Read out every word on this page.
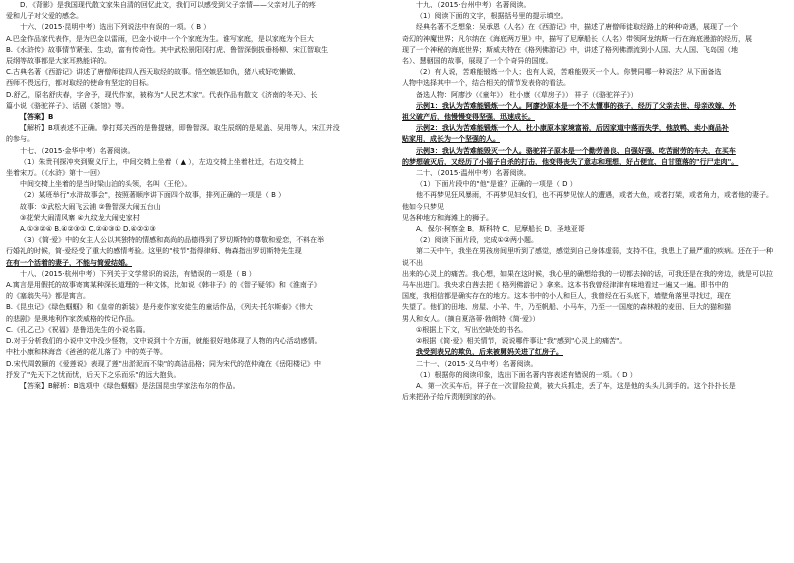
D．《背影》是我国现代散文家朱自清的回忆此文，我们可以感受到父子亲情——父亲对儿子的疼

爱和儿子对父爱的感念。

十六、（2015·昆明中考）选出下列说法中有误的一项。（ B ）

A.巴金作品家代表作，是为巴金以雷雨，巴金小说中一个个家庭为生。谁写家庭，是以家庭为个巨大

B.《水浒传》故事情节紧张、生动，富有传奇性。其中武松景阳冈打虎、鲁智深倒拔垂杨柳、宋江智取生

辰纲等故事都是大家耳熟能详的。

C.古典名著《西游记》讲述了唐僧师徒四人西天取经的故事。悟空嫉恶如仇，猪八戒好吃懒做、

西师不畏远行，都对取经的使命有坚定的目标。

D.舒乙，原名舒庆春，字舍予，现代作家，被称为"人民艺术家"。代表作品有散文《济南的冬天》、长

篇小说《骆驼祥子》、话剧《茶馆》等。

【答案】B

【解析】B项表述不正确。拳打郑关西的是鲁提辖，即鲁智深。取生辰纲的是晁盖、吴用等人，宋江并没

的参与。

十七、（2015·金华中考）名著阅读。

（1）朱贵刊探冲夹到聚义厅上，中间交椅上坐着（ ▲ ），左边交椅上坐着杜迁，右边交椅上

坐着宋万。（《水浒》第十一回）

中间交椅上坐着的是当时梁山泊的头领，名叫（王伦）。

（2）某班举行"水浒故事会"，按照著顺序讲下面四个故事，排列正确的一项是（ B ）

故事：①武松大闹飞云浦 ②鲁智深大闹五台山

③花荣大闹清风寨 ④九纹龙大闹史家村

A.①③②④ B.④②③① C.②④③① D.④②①③

（3）《简·爱》中的女主人公以其独特的情感和高尚的品德得到了罗切斯特的尊敬和爱恋，不料在举

行婚礼的时候，简·爱经受了重大的感情考验。这里的"枝节"指得律师、梅森指出罗切斯特先生现

在有一个活着的妻子，不能与简爱结婚。

十八、（2015·杭州中考）下列关于文学常识的说法，有错误的一项是（ B ）

A.寓言是用假托的故事寄寓某种深长道理的一种文体，比如说《韩非子》的《智子疑邻》和《淮南子》

的《塞翁失马》都是寓言。

B.《昆虫记》《绿色蝈蝈》和《皇帝的新装》是丹麦作家安徒生的童话作品，《列夫·托尔斯泰》《伟大

的悲剧》是奥地利作家茨威格的传记作品。

C.《孔乙己》《祝福》是鲁迅先生的小说名篇。

D.对于分析我们的小说中文中没少怪物，文中说到十个方面，就能很好地体现了人物的内心活动感情。

中杜小康和林海音《爸爸的花儿落了》中的英子等。

D.宋代周敦颐的《爱莲说》表现了莲"出淤泥而不染"的高洁品格；同为宋代的范仲淹在《岳阳楼记》中

抒发了"先天下之忧而忧，后天下之乐而乐"的远大抱负。

【答案】B解析：B选项中《绿色蝈蝈》是法国昆虫学家法布尔的作品。

十九、（2015·台州中考）名著阅读。

（1）阅读下面的文字，根据括号里的提示填空。

经典名著不乏想象：吴承恩（人名）在《西游记》中，描述了唐僧师徒取经路上的种种奇遇，展现了一个

奇幻的神魔世界；凡尔纳在《海底两万里》中，描写了尼摩船长（人名）带领阿龙纳斯一行在海底漫游的经历，展

现了一个神秘的海底世界；斯威夫特在《格列佛游记》中，讲述了格列佛漂流到小人国、大人国、飞岛国（地

名）、慧骃国的故事，展现了一个个奇异的国度。

（2）有人说，苦难能锻炼一个人；也有人说，苦难能毁灭一个人。你赞同哪一种说法？从下面备选

人物中选择其中一个，结合相关的情节发表你的看法。

备选人物：阿廖沙（《童年》） 杜小康（《草房子》） 祥子（《骆驼祥子》）

示例1：我认为苦难能锻炼一个人。阿廖沙原本是一个不太懂事的孩子，经历了父亲去世、母亲改嫁、外

祖父破产后，他慢慢变得坚强，迅速成长。

示例2：我认为苦难能锻炼一个人，杜小康原本家境富裕，后因家道中落而失学，他放鸭、卖小商品补

贴家用，成长为一个坚强的人。

示例3：我认为苦难能毁灭一个人。骆驼祥子原本是一个勤劳善良、自强好强、吃苦耐劳的车夫，在买车

的梦想破灭后，又经历了小福子自杀的打击，他变得丧失了意志和理想，好占便宜、自甘堕落的"行尸走肉"。

二十、（2015·温州中考）名著阅读。

（1）下面片段中的"他"是谁？正确的一项是（ D ）

他不再梦见狂风暴雨，不再梦见妇女们，也不再梦见惊人的遭遇，或者大鱼，或者打架，或者角力，或者他的妻子。他如今只梦见

见各种地方和海滩上的狮子。

A．保尔·柯察金 B．斯科特 C．尼摩船长 D．圣地亚哥

（2）阅读下面片段，完成①②两小题。

第二天中午，我坐在男孩房间里听到了感觉，感觉到自己身体虚弱，支持不住，我患上了最严重的疾病。还在于一种说不出

出来的心灵上的痛苦。我心想，如果在这时候，我心里的确想给我的一切都去掉的话，可我还是在我的旁边，就是可以拉

马车出进门。我央求白茜去把《 格列佛游记 》拿来。这本书我曾经津津有味地看过一遍又一遍。即书中的

国度，我相信都是确实存在的地方。这本书中的小人和巨人，我曾经在石头底下，墙壁角落里寻找过，现在

失望了。他们的田地、房屋、小羊、牛，乃至帆船、小马车，乃至一一国度的森林般的麦田、巨大的猫和猫

男人和女人。（摘自夏洛蒂·勃朗特《简·爱》）

①根据上下文，写出空缺处的书名。

②根据《简·爱》相关情节，说说哪件事让"我"感到"心灵上的痛苦"。

我受到表兄的欺负，后来被舅妈关进了红房子。

二十一、（2015·义乌中考）名著阅读。

（1）根据你的阅读印象，选出下面名著内容表述有错误的一项。（ D ）

A．第一次买车后，祥子在一次冒险拉黄，被大兵抓走，丢了车，这是他的头头儿到手的。这个扑扑长是

后来把孙子给斥责刚到家的孙。
